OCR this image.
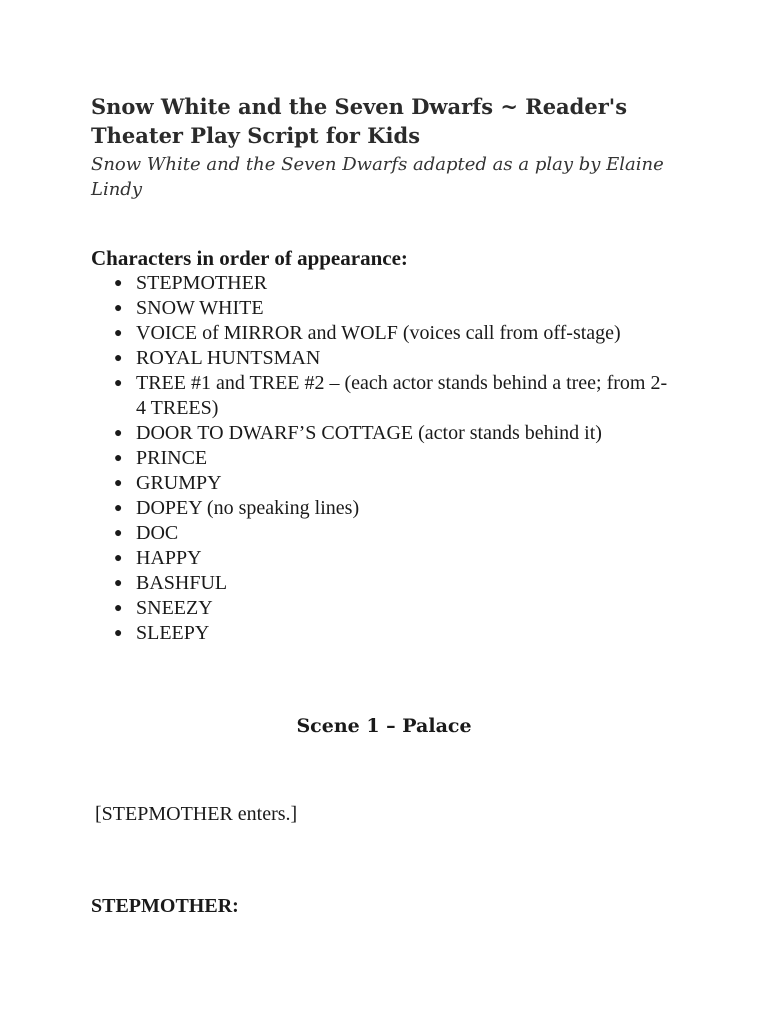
Snow White and the Seven Dwarfs ~ Reader's Theater Play Script for Kids

Snow White and the Seven Dwarfs adapted as a play by Elaine Lindy

Characters in order of appearance:

● STEPMOTHER
● SNOW WHITE
● VOICE of MIRROR and WOLF (voices call from off-stage)
● ROYAL HUNTSMAN
● TREE #1 and TREE #2 – (each actor stands behind a tree; from 2-4 TREES)
● DOOR TO DWARF’S COTTAGE (actor stands behind it)
● PRINCE
● GRUMPY
● DOPEY (no speaking lines)
● DOC
● HAPPY
● BASHFUL
● SNEEZY
● SLEEPY
Scene 1 – Palace

[STEPMOTHER enters.]

STEPMOTHER:
